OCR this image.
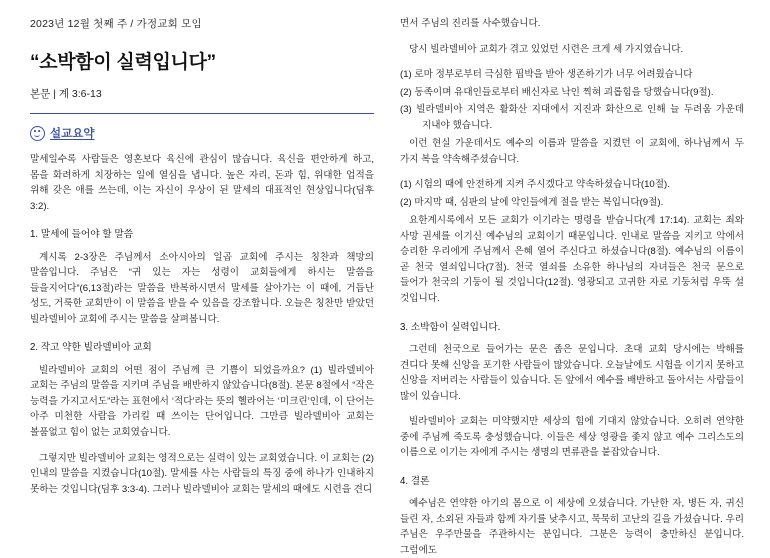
2023년 12월 첫째 주 / 가정교회 모임
“소박함이 실력입니다”
본문 | 계 3:6-13
설교요약

말세일수록 사람들은 영혼보다 육신에 관심이 많습니다. 육신을 편안하게 하고, 몸을 화려하게 치장하는 일에 열심을 냅니다. 높은 자리, 돈과 힘, 위대한 업적을 위해 갖은 애를 쓰는데, 이는 자신이 우상이 된 말세의 대표적인 현상입니다(딤후 3:2).

1. 말세에 들어야 할 말씀

계시록 2-3장은 주님께서 소아시아의 일곱 교회에 주시는 칭찬과 책망의 말씀입니다. 주님은 “귀 있는 자는 성령이 교회들에게 하시는 말씀을 들을지어다”(6,13절)라는 말씀을 반복하시면서 말세를 살아가는 이 때에, 거듭난 성도, 거룩한 교회만이 이 말씀을 받을 수 있음을 강조합니다. 오늘은 칭찬만 받았던 빌라델비아 교회에 주시는 말씀을 살펴봅니다.

2. 작고 약한 빌라델비아 교회

빌라델비아 교회의 어떤 점이 주님께 큰 기쁨이 되었을까요? (1) 빌라델비아 교회는 주님의 말씀을 지키며 주님을 배반하지 않았습니다(8절). 본문 8절에서 “작은 능력을 가지고서도”라는 표현에서 ‘적다’라는 뜻의 헬라어는 ‘미크린’인데, 이 단어는 아주 미천한 사람을 가리킬 때 쓰이는 단어입니다. 그만큼 빌라델비아 교회는 볼품없고 힘이 없는 교회였습니다.

그렇지만 빌라델비아 교회는 영적으로는 실력이 있는 교회였습니다. 이 교회는 (2) 인내의 말씀을 지켰습니다(10절). 말세를 사는 사람들의 특징 중에 하나가 인내하지 못하는 것입니다(딤후 3:3-4). 그러나 빌라델비아 교회는 말세의 때에도 시련을 견디

면서 주님의 진리를 사수했습니다.

당시 빌라델비아 교회가 겪고 있었던 시련은 크게 세 가지였습니다.

(1) 로마 정부로부터 극심한 핍박을 받아 생존하기가 너무 어려웠습니다

(2) 동족이며 유대인들로부터 배신자로 낙인 찍혀 괴롭힘을 당했습니다(9절).

(3) 빌라델비아 지역은 활화산 지대에서 지진과 화산으로 인해 늘 두려움 가운데 지내야 했습니다.

이런 현실 가운데서도 예수의 이름과 말씀을 지켰던 이 교회에, 하나님께서 두 가지 복을 약속해주셨습니다.

(1) 시험의 때에 안전하게 지켜 주시겠다고 약속하셨습니다(10절).

(2) 마지막 때, 심판의 날에 악인들에게 절을 받는 복입니다(9절).

요한계시록에서 모든 교회가 이기라는 명령을 받습니다(계 17:14). 교회는 죄와 사망 권세를 이기신 예수님의 교회이기 때문입니다. 인내로 말씀을 지키고 악에서 승리한 우리에게 주님께서 은혜 열어 주신다고 하셨습니다(8절). 예수님의 이름이 곧 천국 열쇠입니다(7절). 천국 열쇠를 소유한 하나님의 자녀들은 천국 문으로 들어가 천국의 기둥이 될 것입니다(12절). 영광되고 고귀한 자로 기둥처럼 우뚝 설 것입니다.

3. 소박함이 실력입니다.

그런데 천국으로 들어가는 문은 좁은 문입니다. 초대 교회 당시에는 박해를 견디다 못해 신앙을 포기한 사람들이 많았습니다. 오늘날에도 시험을 이기지 못하고 신앙을 저버리는 사람들이 있습니다. 돈 앞에서 예수를 배반하고 돌아서는 사람들이 많이 있습니다.

빌라델비아 교회는 미약했지만 세상의 힘에 기대지 않았습니다. 오히려 연약한 중에 주님께 죽도록 충성했습니다. 이들은 세상 영광을 좇지 않고 예수 그리스도의 이름으로 이기는 자에게 주시는 생명의 면류관을 붙잡았습니다.

4. 결론

예수님은 연약한 아기의 몸으로 이 세상에 오셨습니다. 가난한 자, 병든 자, 귀신 들린 자, 소외된 자들과 함께 자기를 낮추시고, 묵묵히 고난의 길을 가셨습니다. 우리 주님은 우주만물을 주관하시는 분입니다. 그분은 능력이 충만하신 분입니다. 그럼에도
